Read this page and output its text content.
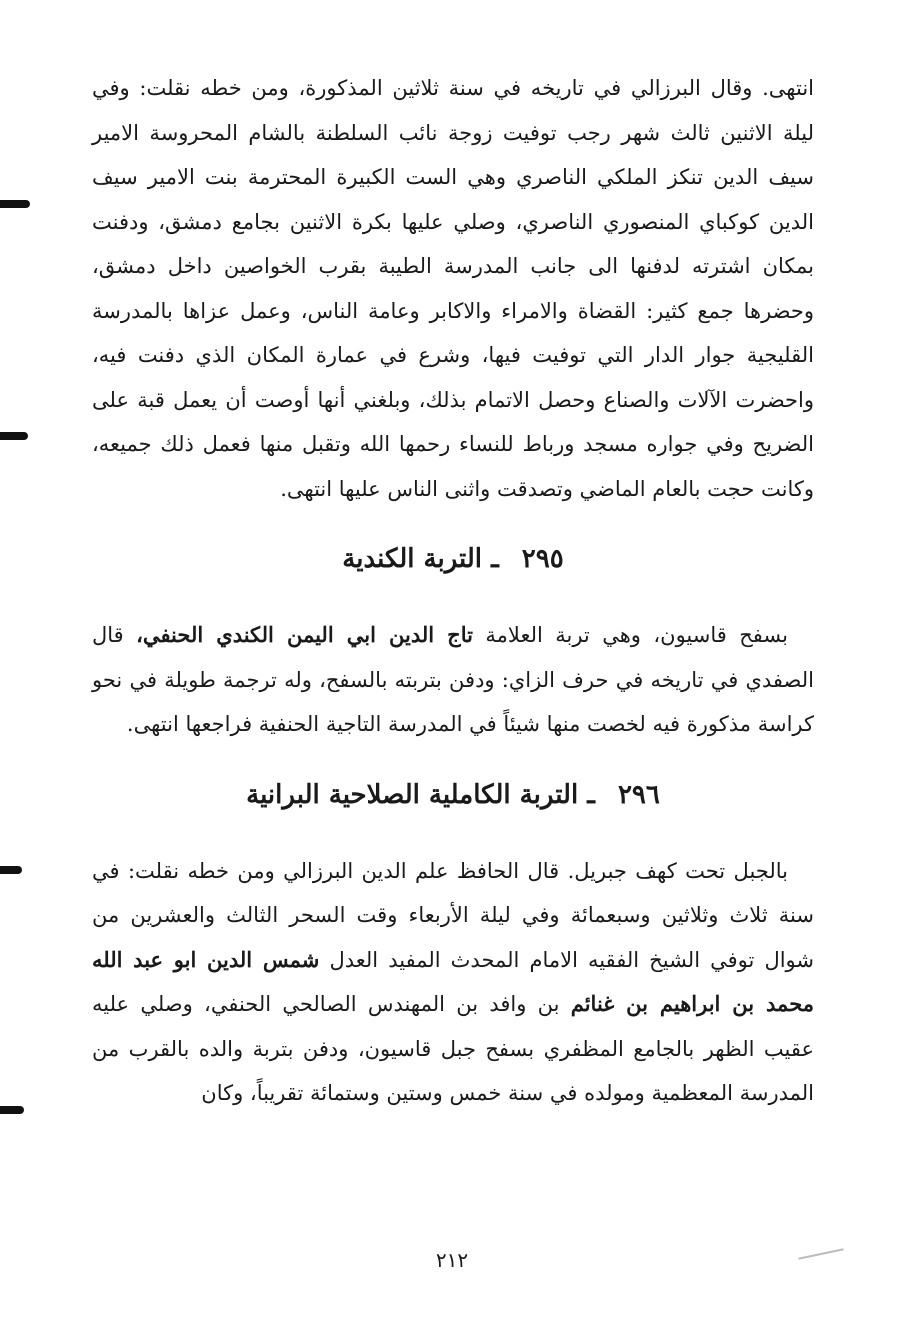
انتهى. وقال البرزالي في تاريخه في سنة ثلاثين المذكورة، ومن خطه نقلت: وفي ليلة الاثنين ثالث شهر رجب توفيت زوجة نائب السلطنة بالشام المحروسة الامير سيف الدين تنكز الملكي الناصري وهي الست الكبيرة المحترمة بنت الامير سيف الدين كوكباي المنصوري الناصري، وصلي عليها بكرة الاثنين بجامع دمشق، ودفنت بمكان اشترته لدفنها الى جانب المدرسة الطيبة بقرب الخواصين داخل دمشق، وحضرها جمع كثير: القضاة والامراء والاكابر وعامة الناس، وعمل عزاها بالمدرسة القليجية جوار الدار التي توفيت فيها، وشرع في عمارة المكان الذي دفنت فيه، واحضرت الآلات والصناع وحصل الاتمام بذلك، وبلغني أنها أوصت أن يعمل قبة على الضريح وفي جواره مسجد ورباط للنساء رحمها الله وتقبل منها فعمل ذلك جميعه، وكانت حجت بالعام الماضي وتصدقت واثنى الناس عليها انتهى.

٢٩٥ ـ التربة الكندية

بسفح قاسيون، وهي تربة العلامة تاج الدين ابي اليمن الكندي الحنفي، قال الصفدي في تاريخه في حرف الزاي: ودفن بتربته بالسفح، وله ترجمة طويلة في نحو كراسة مذكورة فيه لخصت منها شيئاً في المدرسة التاجية الحنفية فراجعها انتهى.

٢٩٦ ـ التربة الكاملية الصلاحية البرانية

بالجبل تحت كهف جبريل. قال الحافظ علم الدين البرزالي ومن خطه نقلت: في سنة ثلاث وثلاثين وسبعمائة وفي ليلة الأربعاء وقت السحر الثالث والعشرين من شوال توفي الشيخ الفقيه الامام المحدث المفيد العدل شمس الدين ابو عبد الله محمد بن ابراهيم بن غنائم بن وافد بن المهندس الصالحي الحنفي، وصلي عليه عقيب الظهر بالجامع المظفري بسفح جبل قاسيون، ودفن بتربة والده بالقرب من المدرسة المعظمية ومولده في سنة خمس وستين وستمائة تقريباً، وكان

٢١٢
